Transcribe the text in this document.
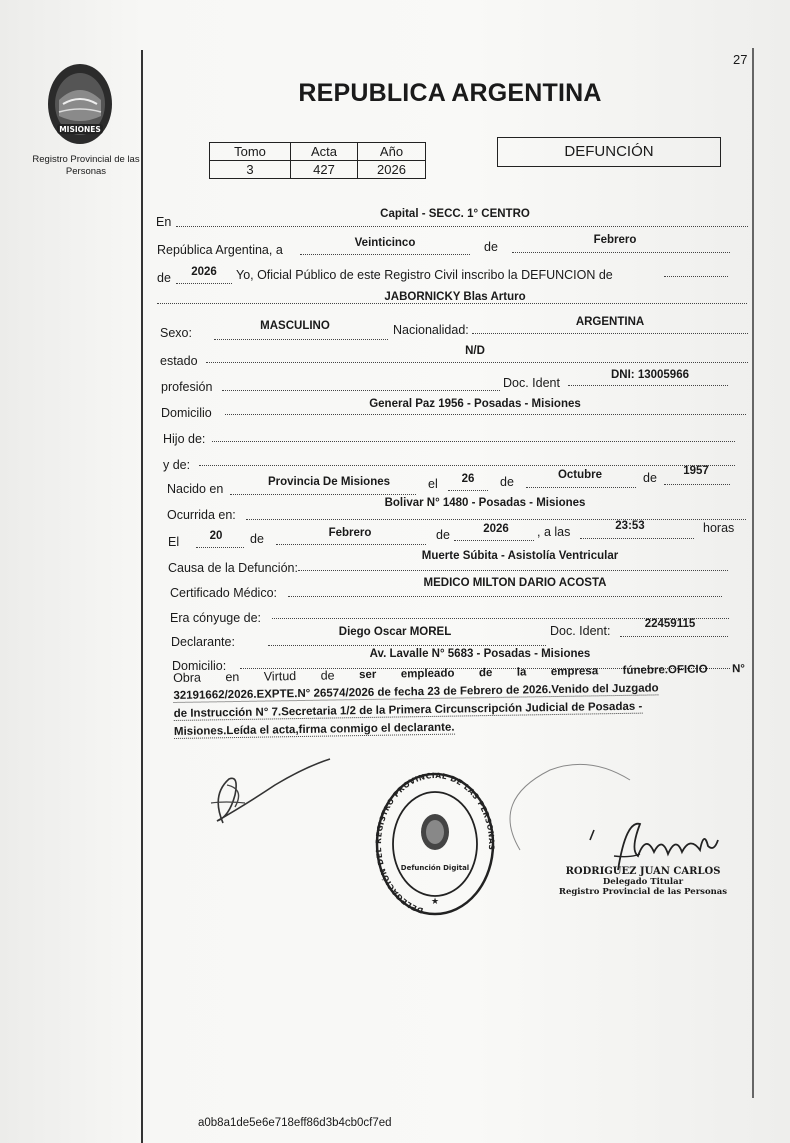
27
MISIONES
Registro Provincial de las Personas
REPUBLICA ARGENTINA
Tomo	Acta	Año
3	427	2026
DEFUNCIÓN
En
Capital - SECC. 1° CENTRO
República Argentina, a	Veinticinco	de	Febrero
de	2026	Yo, Oficial Público de este Registro Civil inscribo la DEFUNCION de
JABORNICKY Blas Arturo
Sexo:	MASCULINO	Nacionalidad:
ARGENTINA
estado
N/D
profesión	Doc. Ident
DNI: 13005966
Domicilio
General Paz 1956 - Posadas - Misiones
Hijo de:
y de:
Nacido en	Provincia De Misiones	el	26	de	Octubre	de	1957
Ocurrida en:
Bolivar N° 1480 - Posadas - Misiones
El	20	de	Febrero	de	2026	, a las	23:53	horas
Causa de la Defunción:
Muerte Súbita - Asistolía Ventricular
Certificado Médico:
MEDICO MILTON DARIO ACOSTA
Era cónyuge de:
Declarante:
Diego Oscar MOREL	Doc. Ident:	22459115
Domicilio:
Av. Lavalle N° 5683 - Posadas - Misiones
Obra en Virtud de ser empleado de la empresa fúnebre.OFICIO N°
32191662/2026.EXPTE.N° 26574/2026 de fecha 23 de Febrero de 2026.Venido del Juzgado
de Instrucción N° 7.Secretaria 1/2 de la Primera Circunscripción Judicial de Posadas -
Misiones.Leída el acta,firma conmigo el declarante.
DELEGACIÓN DEL REGISTRO PROVINCIAL DE LAS PERSONAS
Defunción Digital
★
RODRIGUEZ JUAN CARLOS
Delegado Titular
Registro Provincial de las Personas
a0b8a1de5e6e718eff86d3b4cb0cf7ed
